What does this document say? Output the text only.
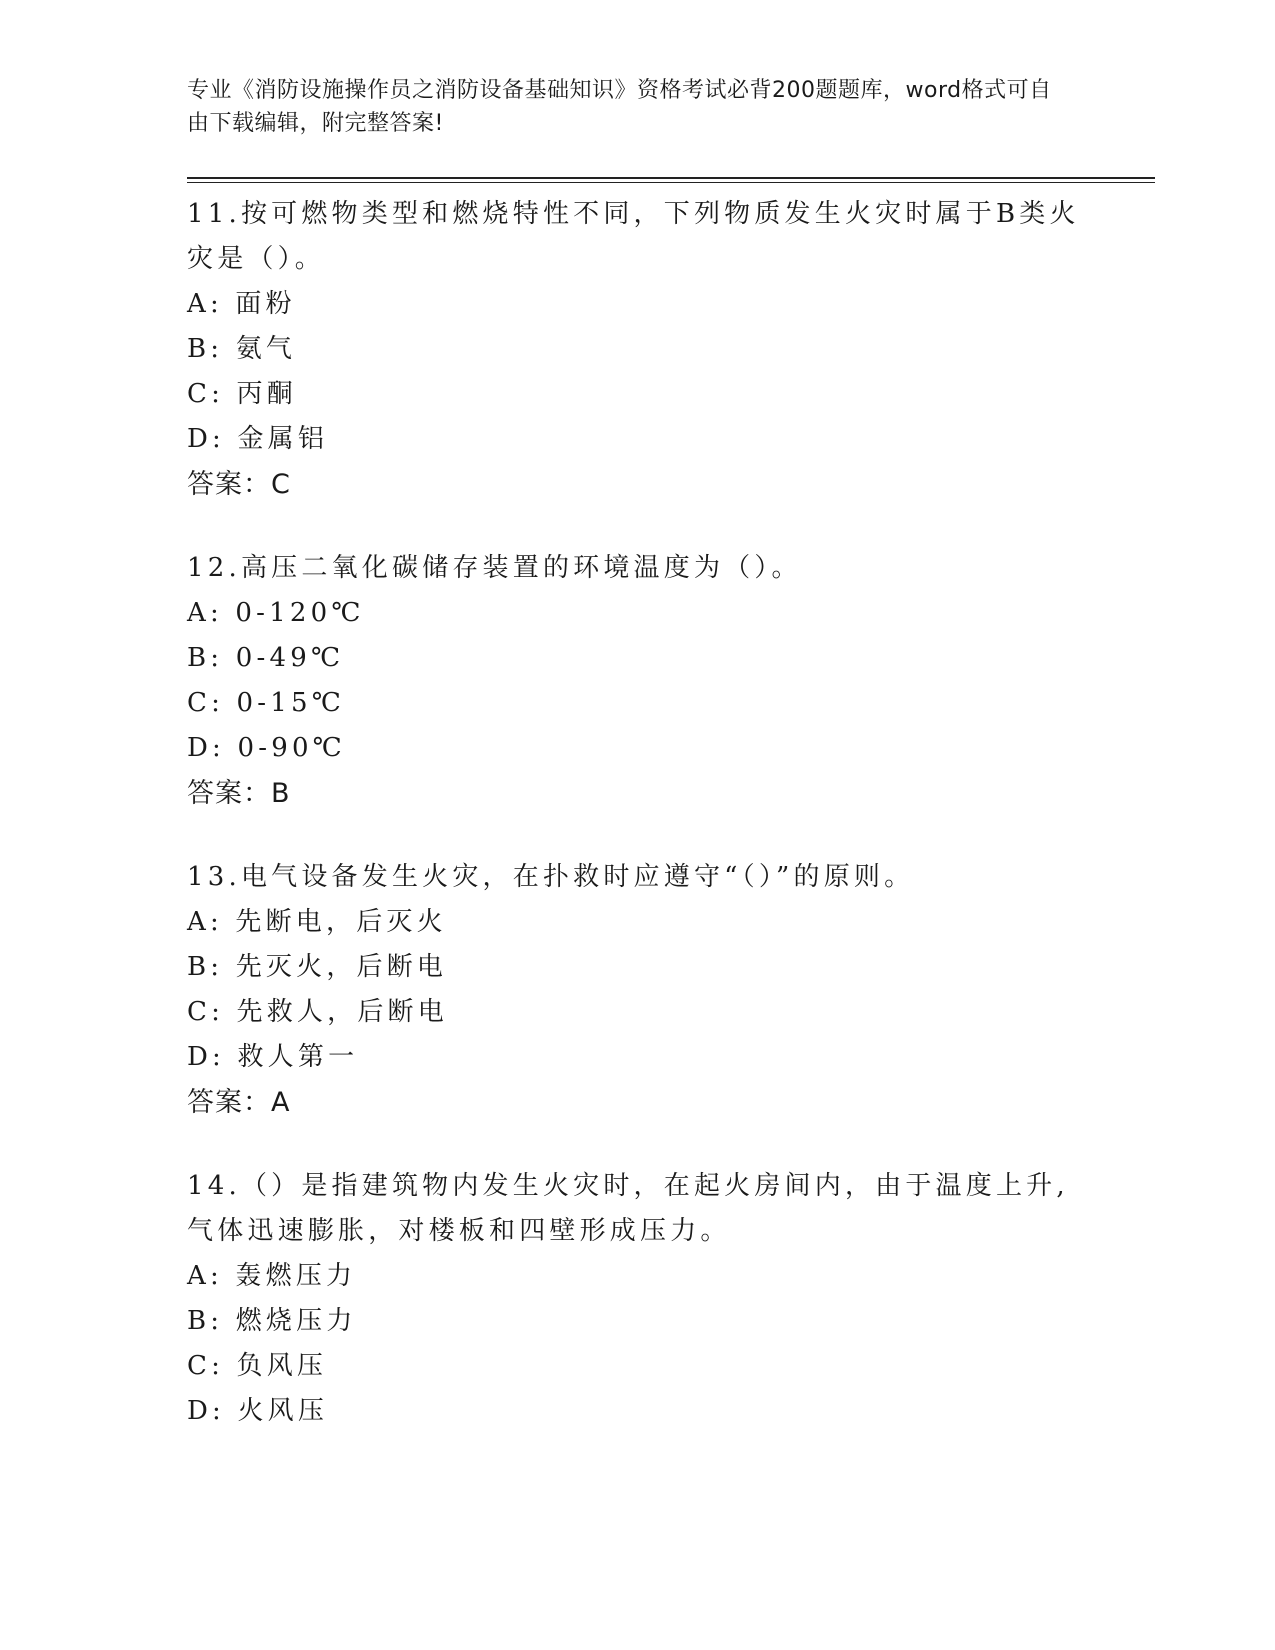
专业《消防设施操作员之消防设备基础知识》资格考试必背200题题库，word格式可自由下载编辑，附完整答案!
11.按可燃物类型和燃烧特性不同，下列物质发生火灾时属于B类火灾是（）。
A: 面粉
B: 氨气
C: 丙酮
D: 金属铝
答案：C
12.高压二氧化碳储存装置的环境温度为（）。
A: 0-120℃
B: 0-49℃
C: 0-15℃
D: 0-90℃
答案：B
13.电气设备发生火灾，在扑救时应遵守“（）”的原则。
A: 先断电，后灭火
B: 先灭火，后断电
C: 先救人，后断电
D: 救人第一
答案：A
14.（）是指建筑物内发生火灾时，在起火房间内，由于温度上升,气体迅速膨胀，对楼板和四壁形成压力。
A: 轰燃压力
B: 燃烧压力
C: 负风压
D: 火风压
